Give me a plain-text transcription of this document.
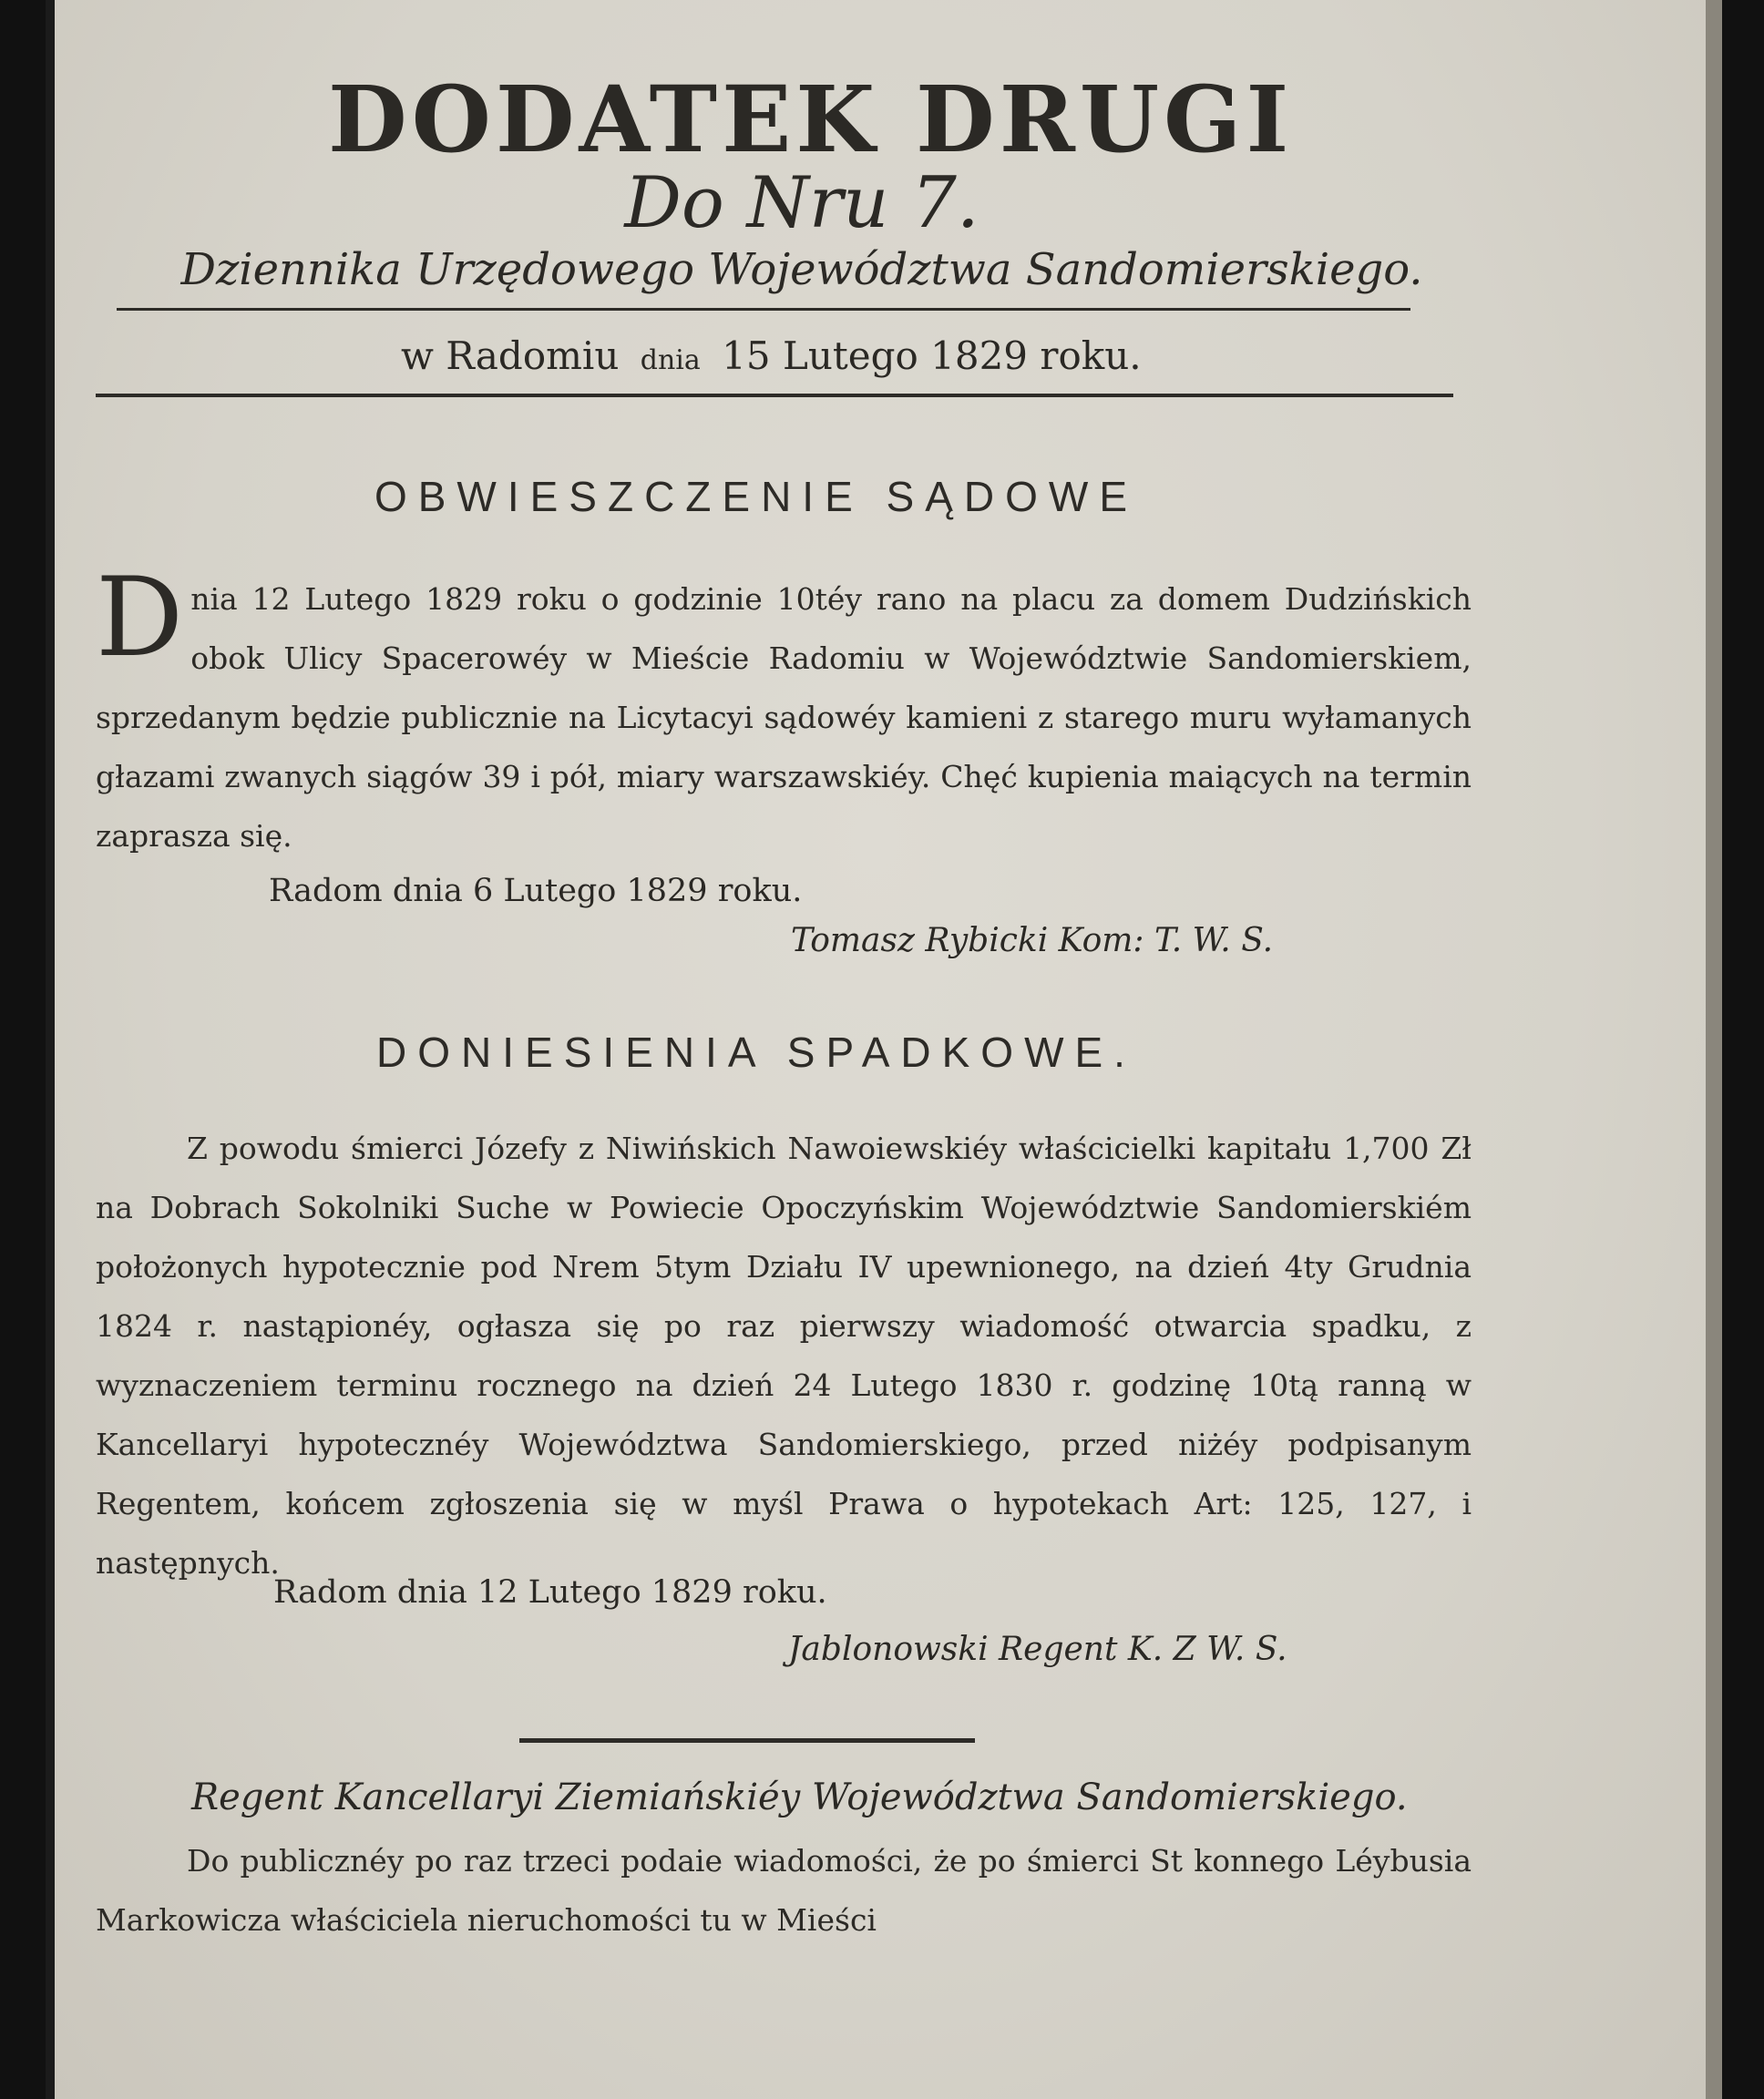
DODATEK DRUGI
Do Nru 7.
Dziennika Urzędowego Województwa Sandomierskiego.
w Radomiu dnia 15 Lutego 1829 roku.
OBWIESZCZENIE SĄDOWE

Dnia 12 Lutego 1829 roku o godzinie 10téy rano na placu za domem Dudzińskich obok Ulicy Spacerowéy w Mieście Radomiu w Województwie Sandomierskiem, sprzedanym będzie publicznie na Licytacyi sądowéy kamieni z starego muru wyłamanych głazami zwanych siągów 39 i pół, miary warszawskiéy. Chęć kupienia maiących na termin zaprasza się.

Radom dnia 6 Lutego 1829 roku.
Tomasz Rybicki Kom: T. W. S.
DONIESIENIA SPADKOWE.

Z powodu śmierci Józefy z Niwińskich Nawoiewskiéy właścicielki kapitału 1,700 Zł na Dobrach Sokolniki Suche w Powiecie Opoczyńskim Województwie Sandomierskiém położonych hypotecznie pod Nrem 5tym Działu IV upewnionego, na dzień 4ty Grudnia 1824 r. nastąpionéy, ogłasza się po raz pierwszy wiadomość otwarcia spadku, z wyznaczeniem terminu rocznego na dzień 24 Lutego 1830 r. godzinę 10tą ranną w Kancellaryi hypotecznéy Województwa Sandomierskiego, przed niżéy podpisanym Regentem, końcem zgłoszenia się w myśl Prawa o hypotekach Art: 125, 127, i następnych.

Radom dnia 12 Lutego 1829 roku.
Jablonowski Regent K. Z W. S.
Regent Kancellaryi Ziemiańskiéy Województwa Sandomierskiego.

Do publicznéy po raz trzeci podaie wiadomości, że po śmierci St konnego Léybusia Markowicza właściciela nieruchomości tu w Mieści
